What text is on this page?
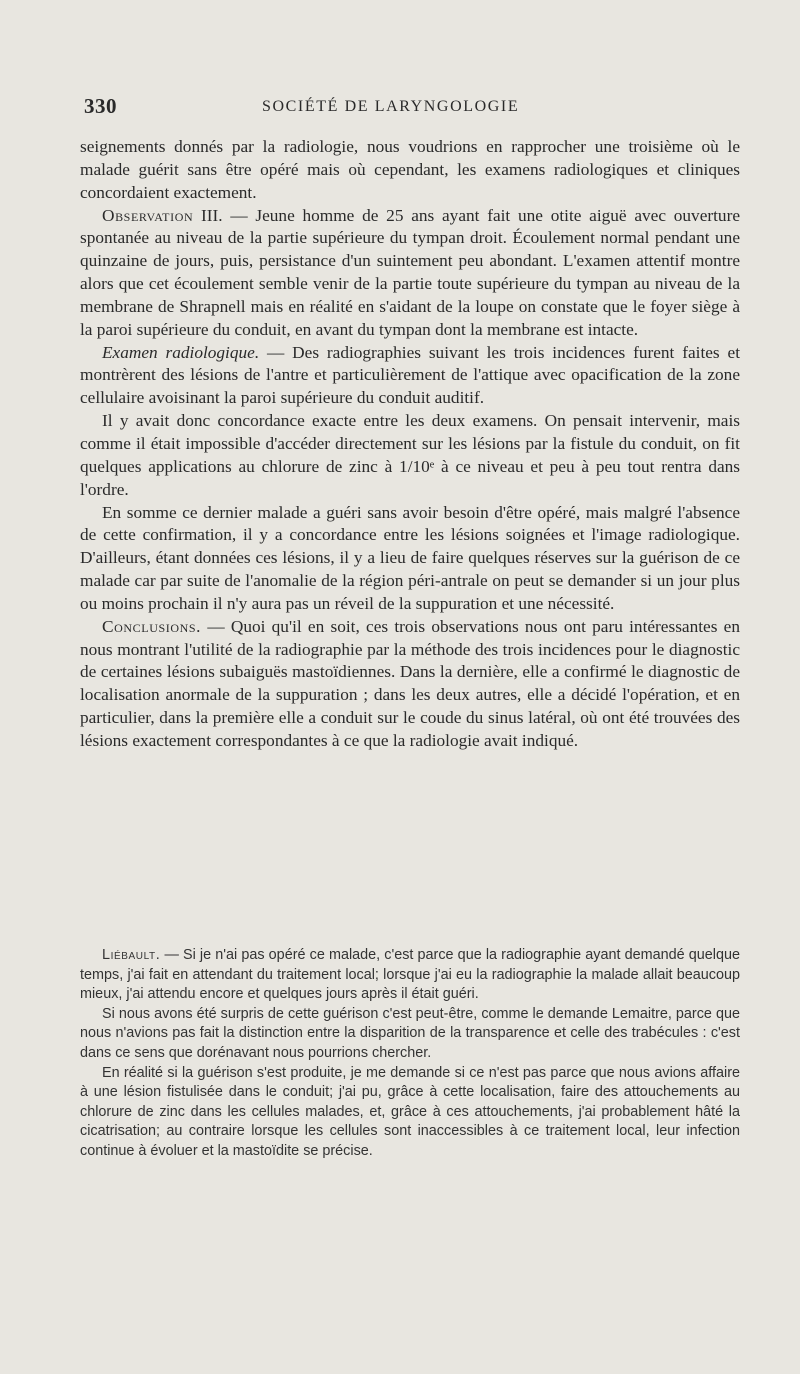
330	SOCIÉTÉ DE LARYNGOLOGIE

seignements donnés par la radiologie, nous voudrions en rapprocher une troisième où le malade guérit sans être opéré mais où cependant, les examens radiologiques et cliniques concordaient exactement.

Observation III. — Jeune homme de 25 ans ayant fait une otite aiguë avec ouverture spontanée au niveau de la partie supérieure du tympan droit. Écoulement normal pendant une quinzaine de jours, puis, persistance d'un suintement peu abondant. L'examen attentif montre alors que cet écoulement semble venir de la partie toute supérieure du tympan au niveau de la membrane de Shrapnell mais en réalité en s'aidant de la loupe on constate que le foyer siège à la paroi supérieure du conduit, en avant du tympan dont la membrane est intacte.

Examen radiologique. — Des radiographies suivant les trois incidences furent faites et montrèrent des lésions de l'antre et particulièrement de l'attique avec opacification de la zone cellulaire avoisinant la paroi supérieure du conduit auditif.

Il y avait donc concordance exacte entre les deux examens. On pensait intervenir, mais comme il était impossible d'accéder directement sur les lésions par la fistule du conduit, on fit quelques applications au chlorure de zinc à 1/10ᵉ à ce niveau et peu à peu tout rentra dans l'ordre.

En somme ce dernier malade a guéri sans avoir besoin d'être opéré, mais malgré l'absence de cette confirmation, il y a concordance entre les lésions soignées et l'image radiologique. D'ailleurs, étant données ces lésions, il y a lieu de faire quelques réserves sur la guérison de ce malade car par suite de l'anomalie de la région péri-antrale on peut se demander si un jour plus ou moins prochain il n'y aura pas un réveil de la suppuration et une nécessité.

Conclusions. — Quoi qu'il en soit, ces trois observations nous ont paru intéressantes en nous montrant l'utilité de la radiographie par la méthode des trois incidences pour le diagnostic de certaines lésions subaiguës mastoïdiennes. Dans la dernière, elle a confirmé le diagnostic de localisation anormale de la suppuration ; dans les deux autres, elle a décidé l'opération, et en particulier, dans la première elle a conduit sur le coude du sinus latéral, où ont été trouvées des lésions exactement correspondantes à ce que la radiologie avait indiqué.

Liébault. — Si je n'ai pas opéré ce malade, c'est parce que la radiographie ayant demandé quelque temps, j'ai fait en attendant du traitement local; lorsque j'ai eu la radiographie la malade allait beaucoup mieux, j'ai attendu encore et quelques jours après il était guéri.

Si nous avons été surpris de cette guérison c'est peut-être, comme le demande Lemaitre, parce que nous n'avions pas fait la distinction entre la disparition de la transparence et celle des trabécules : c'est dans ce sens que dorénavant nous pourrions chercher.

En réalité si la guérison s'est produite, je me demande si ce n'est pas parce que nous avions affaire à une lésion fistulisée dans le conduit; j'ai pu, grâce à cette localisation, faire des attouchements au chlorure de zinc dans les cellules malades, et, grâce à ces attouchements, j'ai probablement hâté la cicatrisation; au contraire lorsque les cellules sont inaccessibles à ce traitement local, leur infection continue à évoluer et la mastoïdite se précise.
